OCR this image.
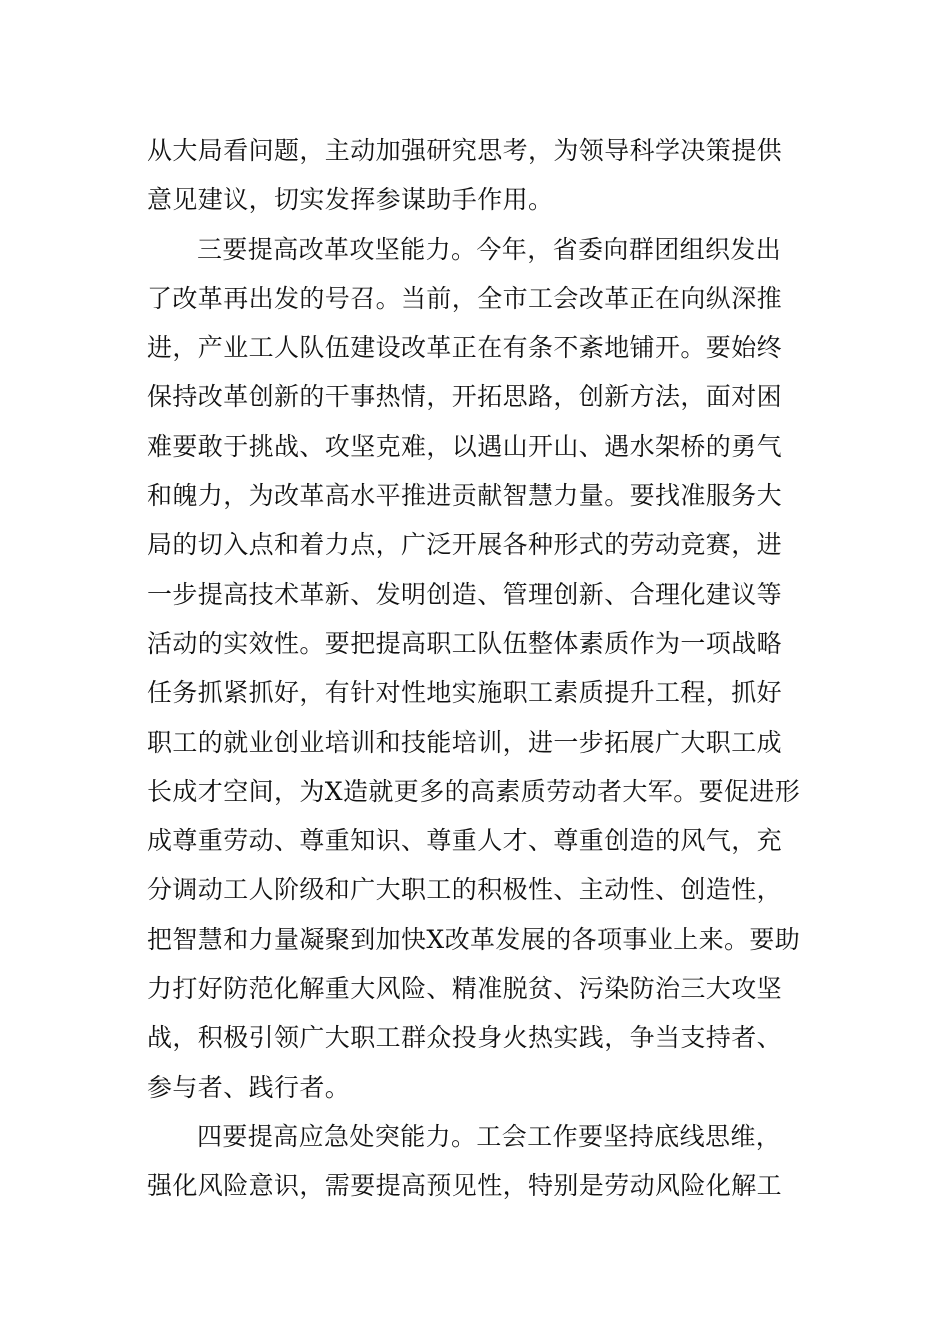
从大局看问题，主动加强研究思考，为领导科学决策提供
意见建议，切实发挥参谋助手作用。
三要提高改革攻坚能力。今年，省委向群团组织发出
了改革再出发的号召。当前，全市工会改革正在向纵深推
进，产业工人队伍建设改革正在有条不紊地铺开。要始终
保持改革创新的干事热情，开拓思路，创新方法，面对困
难要敢于挑战、攻坚克难，以遇山开山、遇水架桥的勇气
和魄力，为改革高水平推进贡献智慧力量。要找准服务大
局的切入点和着力点，广泛开展各种形式的劳动竞赛，进
一步提高技术革新、发明创造、管理创新、合理化建议等
活动的实效性。要把提高职工队伍整体素质作为一项战略
任务抓紧抓好，有针对性地实施职工素质提升工程，抓好
职工的就业创业培训和技能培训，进一步拓展广大职工成
长成才空间，为X造就更多的高素质劳动者大军。要促进形
成尊重劳动、尊重知识、尊重人才、尊重创造的风气，充
分调动工人阶级和广大职工的积极性、主动性、创造性，
把智慧和力量凝聚到加快X改革发展的各项事业上来。要助
力打好防范化解重大风险、精准脱贫、污染防治三大攻坚
战，积极引领广大职工群众投身火热实践，争当支持者、
参与者、践行者。
四要提高应急处突能力。工会工作要坚持底线思维，
强化风险意识，需要提高预见性，特别是劳动风险化解工
